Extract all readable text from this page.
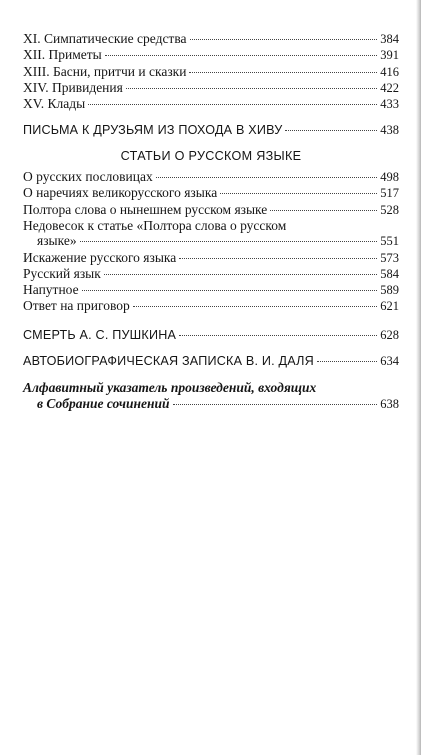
XI. Симпатические средства	384
XII. Приметы	391
XIII. Басни, притчи и сказки	416
XIV. Привидения	422
XV. Клады	433
ПИСЬМА К ДРУЗЬЯМ ИЗ ПОХОДА В ХИВУ	438
СТАТЬИ О РУССКОМ ЯЗЫКЕ
О русских пословицах	498
О наречиях великорусского языка	517
Полтора слова о нынешнем русском языке	528
Недовесок к статье «Полтора слова о русском
языке»	551
Искажение русского языка	573
Русский язык	584
Напутное	589
Ответ на приговор	621
СМЕРТЬ А. С. ПУШКИНА	628
АВТОБИОГРАФИЧЕСКАЯ ЗАПИСКА В. И. ДАЛЯ	634
Алфавитный указатель произведений, входящих
в Собрание сочинений	638
